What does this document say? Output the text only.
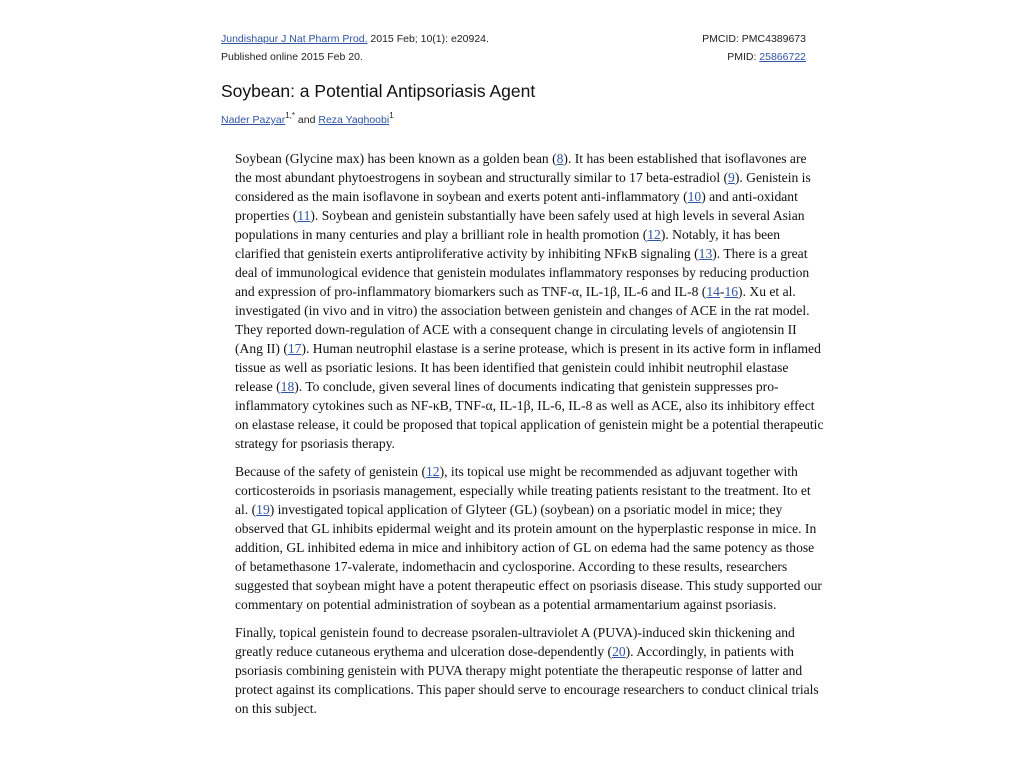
Jundishapur J Nat Pharm Prod. 2015 Feb; 10(1): e20924.
Published online 2015 Feb 20.
PMCID: PMC4389673
PMID: 25866722
Soybean: a Potential Antipsoriasis Agent
Nader Pazyar$^{1,*}$ and Reza Yaghoobi$^1$

Soybean (Glycine max) has been known as a golden bean (8). It has been established that isoflavones are the most abundant phytoestrogens in soybean and structurally similar to 17 beta-estradiol (9). Genistein is considered as the main isoflavone in soybean and exerts potent anti-inflammatory (10) and anti-oxidant properties (11). Soybean and genistein substantially have been safely used at high levels in several Asian populations in many centuries and play a brilliant role in health promotion (12). Notably, it has been clarified that genistein exerts antiproliferative activity by inhibiting NFκB signaling (13). There is a great deal of immunological evidence that genistein modulates inflammatory responses by reducing production and expression of pro-inflammatory biomarkers such as TNF-α, IL-1β, IL-6 and IL-8 (14-16). Xu et al. investigated (in vivo and in vitro) the association between genistein and changes of ACE in the rat model. They reported down-regulation of ACE with a consequent change in circulating levels of angiotensin II (Ang II) (17). Human neutrophil elastase is a serine protease, which is present in its active form in inflamed tissue as well as psoriatic lesions. It has been identified that genistein could inhibit neutrophil elastase release (18). To conclude, given several lines of documents indicating that genistein suppresses pro-inflammatory cytokines such as NF-κB, TNF-α, IL-1β, IL-6, IL-8 as well as ACE, also its inhibitory effect on elastase release, it could be proposed that topical application of genistein might be a potential therapeutic strategy for psoriasis therapy.

Because of the safety of genistein (12), its topical use might be recommended as adjuvant together with corticosteroids in psoriasis management, especially while treating patients resistant to the treatment. Ito et al. (19) investigated topical application of Glyteer (GL) (soybean) on a psoriatic model in mice; they observed that GL inhibits epidermal weight and its protein amount on the hyperplastic response in mice. In addition, GL inhibited edema in mice and inhibitory action of GL on edema had the same potency as those of betamethasone 17-valerate, indomethacin and cyclosporine. According to these results, researchers suggested that soybean might have a potent therapeutic effect on psoriasis disease. This study supported our commentary on potential administration of soybean as a potential armamentarium against psoriasis.

Finally, topical genistein found to decrease psoralen-ultraviolet A (PUVA)-induced skin thickening and greatly reduce cutaneous erythema and ulceration dose-dependently (20). Accordingly, in patients with psoriasis combining genistein with PUVA therapy might potentiate the therapeutic response of latter and protect against its complications. This paper should serve to encourage researchers to conduct clinical trials on this subject.
